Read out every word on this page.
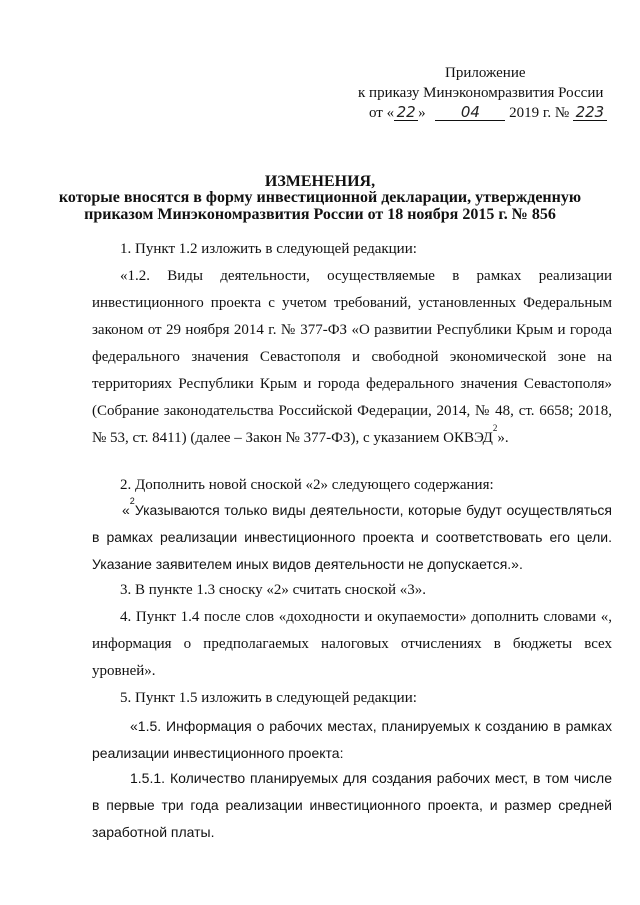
Приложение
к приказу Минэкономразвития России
от « 22 » 04 2019 г. № 223
ИЗМЕНЕНИЯ,
которые вносятся в форму инвестиционной декларации, утвержденную
приказом Минэкономразвития России от 18 ноября 2015 г. № 856
1. Пункт 1.2 изложить в следующей редакции:
«1.2. Виды деятельности, осуществляемые в рамках реализации инвестиционного проекта с учетом требований, установленных Федеральным законом от 29 ноября 2014 г. № 377-ФЗ «О развитии Республики Крым и города федерального значения Севастополя и свободной экономической зоне на территориях Республики Крым и города федерального значения Севастополя» (Собрание законодательства Российской Федерации, 2014, № 48, ст. 6658; 2018, № 53, ст. 8411) (далее – Закон № 377-ФЗ), с указанием ОКВЭД$^2$».
2. Дополнить новой сноской «2» следующего содержания:
«$^2$Указываются только виды деятельности, которые будут осуществляться в рамках реализации инвестиционного проекта и соответствовать его цели. Указание заявителем иных видов деятельности не допускается.».
3. В пункте 1.3 сноску «2» считать сноской «3».
4. Пункт 1.4 после слов «доходности и окупаемости» дополнить словами «, информация о предполагаемых налоговых отчислениях в бюджеты всех уровней».
5. Пункт 1.5 изложить в следующей редакции:
«1.5. Информация о рабочих местах, планируемых к созданию в рамках реализации инвестиционного проекта:
1.5.1. Количество планируемых для создания рабочих мест, в том числе в первые три года реализации инвестиционного проекта, и размер средней заработной платы.
